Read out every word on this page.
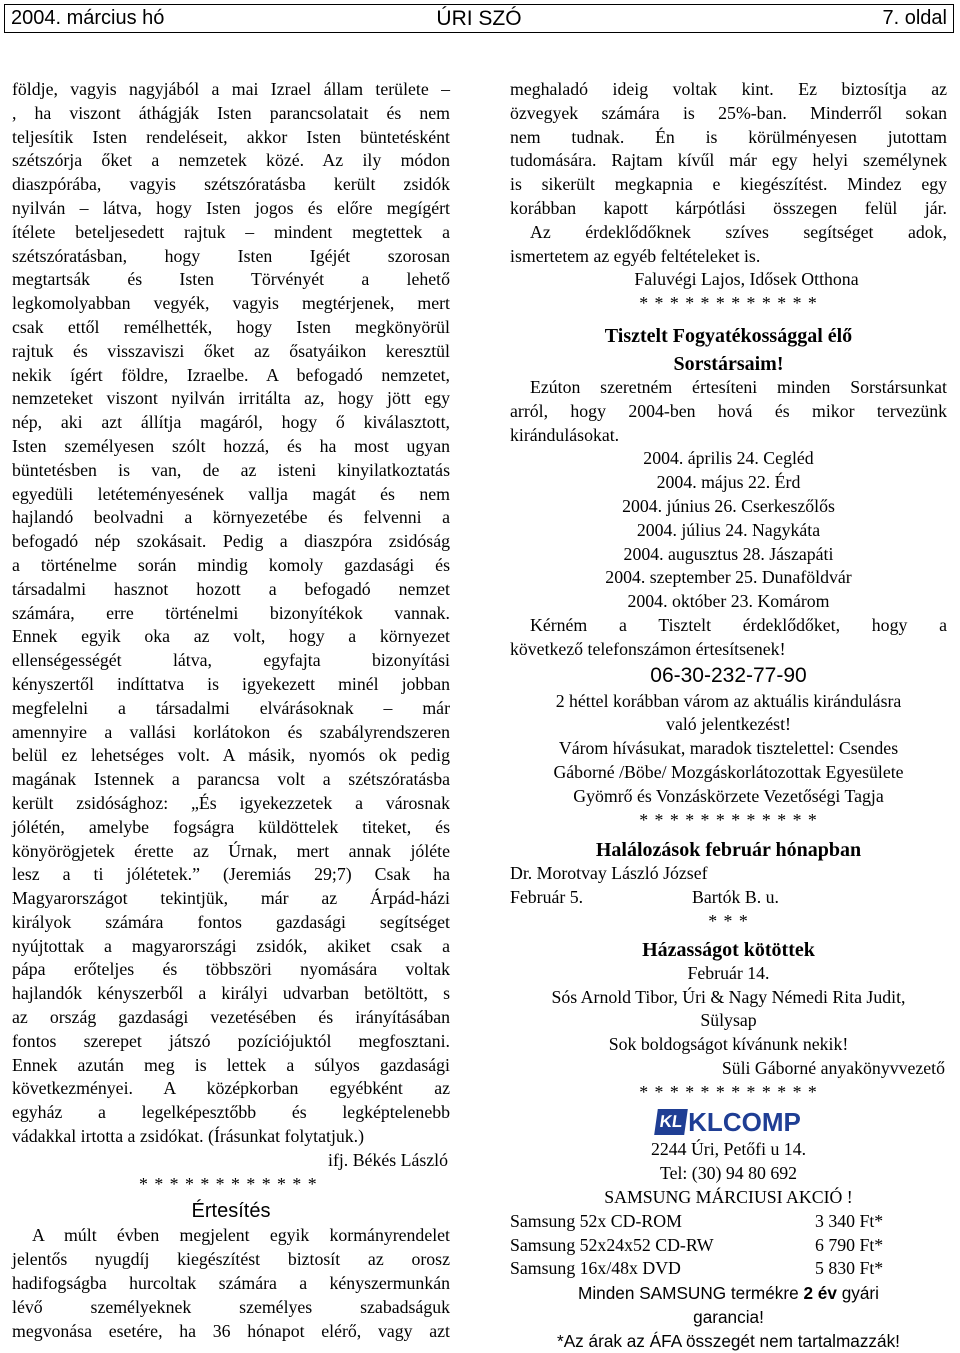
2004. március hó	ÚRI SZÓ	7. oldal
földje, vagyis nagyjából a mai Izrael állam területe –
, ha viszont áthágják Isten parancsolatait és nem
teljesítik Isten rendeléseit, akkor Isten büntetésként
szétszórja őket a nemzetek közé. Az ily módon
diaszpórába, vagyis szétszóratásba került zsidók
nyilván – látva, hogy Isten jogos és előre megígért
ítélete beteljesedett rajtuk – mindent megtettek a
szétszóratásban, hogy Isten Igéjét szorosan
megtartsák és Isten Törvényét a lehető
legkomolyabban vegyék, vagyis megtérjenek, mert
csak ettől remélhették, hogy Isten megkönyörül
rajtuk és visszaviszi őket az ősatyáikon keresztül
nekik ígért földre, Izraelbe. A befogadó nemzetet,
nemzeteket viszont nyilván irritálta az, hogy jött egy
nép, aki azt állítja magáról, hogy ő kiválasztott,
Isten személyesen szólt hozzá, és ha most ugyan
büntetésben is van, de az isteni kinyilatkoztatás
egyedüli letéteményesének vallja magát és nem
hajlandó beolvadni a környezetébe és felvenni a
befogadó nép szokásait. Pedig a diaszpóra zsidóság
a történelme során mindig komoly gazdasági és
társadalmi hasznot hozott a befogadó nemzet
számára, erre történelmi bizonyítékok vannak.
Ennek egyik oka az volt, hogy a környezet
ellenségességét látva, egyfajta bizonyítási
kényszertől indíttatva is igyekezett minél jobban
megfelelni a társadalmi elvárásoknak – már
amennyire a vallási korlátokon és szabályrendszeren
belül ez lehetséges volt. A másik, nyomós ok pedig
magának Istennek a parancsa volt a szétszóratásba
került zsidósághoz: „És igyekezzetek a városnak
jólétén, amelybe fogságra küldöttelek titeket, és
könyörögjetek érette az Úrnak, mert annak jóléte
lesz a ti jólétetek.” (Jeremiás 29;7) Csak ha
Magyarországot tekintjük, már az Árpád-házi
királyok számára fontos gazdasági segítséget
nyújtottak a magyarországi zsidók, akiket csak a
pápa erőteljes és többszöri nyomására voltak
hajlandók kényszerből a királyi udvarban betöltött, s
az ország gazdasági vezetésében és irányításában
fontos szerepet játszó pozíciójuktól megfosztani.
Ennek azután meg is lettek a súlyos gazdasági
következményei. A középkorban egyébként az
egyház a legelképesztőbb és legképtelenebb
vádakkal irtotta a zsidókat. (Írásunkat folytatjuk.)
ifj. Békés László
* * * * * * * * * * * *
Értesítés
A múlt évben megjelent egyik kormányrendelet
jelentős nyugdíj kiegészítést biztosít az orosz
hadifogságba hurcoltak számára a kényszermunkán
lévő személyeknek személyes szabadságuk
megvonása esetére, ha 36 hónapot elérő, vagy azt
meghaladó ideig voltak kint. Ez biztosítja az
özvegyek számára is 25%-ban. Minderről sokan
nem tudnak. Én is körülményesen jutottam
tudomására. Rajtam kívűl már egy helyi személynek
is sikerült megkapnia e kiegészítést. Mindez egy
korábban kapott kárpótlási összegen felül jár.
Az érdeklődőknek szíves segítséget adok,
ismertetem az egyéb feltételeket is.
Faluvégi Lajos, Idősek Otthona
* * * * * * * * * * * *
Tisztelt Fogyatékossággal élő
Sorstársaim!
Ezúton szeretném értesíteni minden Sorstársunkat
arról, hogy 2004-ben hová és mikor tervezünk
kirándulásokat.
2004. április 24. Cegléd
2004. május 22. Érd
2004. június 26. Cserkeszőlős
2004. július 24. Nagykáta
2004. augusztus 28. Jászapáti
2004. szeptember 25. Dunaföldvár
2004. október 23. Komárom
Kérném a Tisztelt érdeklődőket, hogy a
következő telefonszámon értesítsenek!
06-30-232-77-90
2 héttel korábban várom az aktuális kirándulásra
való jelentkezést!
Várom hívásukat, maradok tisztelettel: Csendes
Gáborné /Böbe/ Mozgáskorlátozottak Egyesülete
Gyömrő és Vonzáskörzete Vezetőségi Tagja
* * * * * * * * * * * *
Halálozások február hónapban
Dr. Morotvay László József
Február 5.	Bartók B. u.
* * *
Házasságot kötöttek
Február 14.
Sós Arnold Tibor, Úri & Nagy Némedi Rita Judit,
Sülysap
Sok boldogságot kívánunk nekik!
Süli Gáborné anyakönyvvezető
* * * * * * * * * * * *
KL KLCOMP
2244 Úri, Petőfi u 14.
Tel: (30) 94 80 692
SAMSUNG MÁRCIUSI AKCIÓ !
Samsung 52x CD-ROM	3 340 Ft*
Samsung 52x24x52 CD-RW	6 790 Ft*
Samsung 16x/48x DVD	5 830 Ft*
Minden SAMSUNG termékre 2 év gyári
garancia!
*Az árak az ÁFA összegét nem tartalmazzák!
